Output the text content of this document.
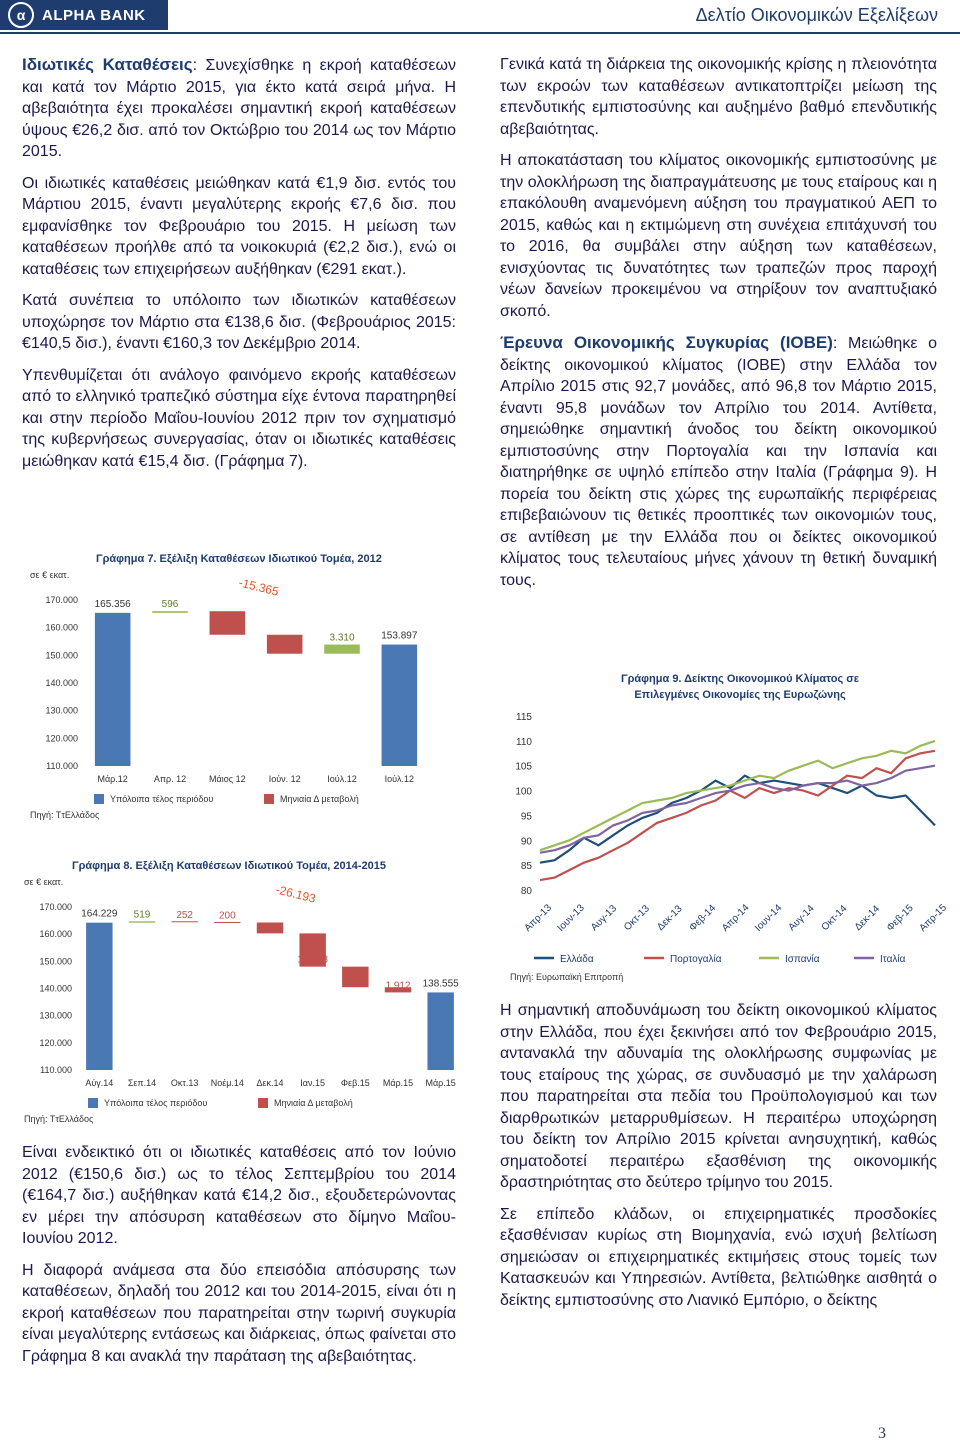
α	ALPHA BANK	Δελτίο Οικονομικών Εξελίξεων

Ιδιωτικές Καταθέσεις: Συνεχίσθηκε η εκροή καταθέσεων και κατά τον Μάρτιο 2015, για έκτο κατά σειρά μήνα. Η αβεβαιότητα έχει προκαλέσει σημαντική εκροή καταθέσεων ύψους €26,2 δισ. από τον Οκτώβριο του 2014 ως τον Μάρτιο 2015.

Οι ιδιωτικές καταθέσεις μειώθηκαν κατά €1,9 δισ. εντός του Μάρτιου 2015, έναντι μεγαλύτερης εκροής €7,6 δισ. που εμφανίσθηκε τον Φεβρουάριο του 2015. Η μείωση των καταθέσεων προήλθε από τα νοικοκυριά (€2,2 δισ.), ενώ οι καταθέσεις των επιχειρήσεων αυξήθηκαν (€291 εκατ.).

Κατά συνέπεια το υπόλοιπο των ιδιωτικών καταθέσεων υποχώρησε τον Μάρτιο στα €138,6 δισ. (Φεβρουάριος 2015: €140,5 δισ.), έναντι €160,3 τον Δεκέμβριο 2014.

Υπενθυμίζεται ότι ανάλογο φαινόμενο εκροής καταθέσεων από το ελληνικό τραπεζικό σύστημα είχε έντονα παρατηρηθεί και στην περίοδο Μαΐου-Ιουνίου 2012 πριν τον σχηματισμό της κυβερνήσεως συνεργασίας, όταν οι ιδιωτικές καταθέσεις μειώθηκαν κατά €15,4 δισ. (Γράφημα 7).

Γράφημα 7. Εξέλιξη Καταθέσεων Ιδιωτικού Τομέα, 2012
σε € εκατ.
170.000
160.000
150.000
140.000
130.000
120.000
110.000
165.356
Μάρ.12
596
Απρ. 12
8.514
Μάιος 12
6.851
Ιούν. 12
3.310
Ιούλ.12
153.897
Ιούλ.12
-15.365
Υπόλοιπα τέλος περιόδου	Μηνιαία Δ μεταβολή
Πηγή: ΤτΕλλάδος
Γράφημα 8. Εξέλιξη Καταθέσεων Ιδιωτικού Τομέα, 2014-2015
σε € εκατ.
170.000
160.000
150.000
140.000
130.000
120.000
110.000
164.229
Αύγ.14
519
Σεπ.14
252
Οκτ.13
200
Νοέμ.14
4.011
Δεκ.14
12.243
Ιαν.15
7.574
Φεβ.15
1.912
Μάρ.15
138.555
Μάρ.15
-26.193
Υπόλοιπα τέλος περιόδου	Μηνιαία Δ μεταβολή
Πηγή: ΤτΕλλάδος

Είναι ενδεικτικό ότι οι ιδιωτικές καταθέσεις από τον Ιούνιο 2012 (€150,6 δισ.) ως το τέλος Σεπτεμβρίου του 2014 (€164,7 δισ.) αυξήθηκαν κατά €14,2 δισ., εξουδετερώνοντας εν μέρει την απόσυρση καταθέσεων στο δίμηνο Μαΐου-Ιουνίου 2012.

Η διαφορά ανάμεσα στα δύο επεισόδια απόσυρσης των καταθέσεων, δηλαδή του 2012 και του 2014-2015, είναι ότι η εκροή καταθέσεων που παρατηρείται στην τωρινή συγκυρία είναι μεγαλύτερης εντάσεως και διάρκειας, όπως φαίνεται στο Γράφημα 8 και ανακλά την παράταση της αβεβαιότητας.

Γενικά κατά τη διάρκεια της οικονομικής κρίσης η πλειονότητα των εκροών των καταθέσεων αντικατοπτρίζει μείωση της επενδυτικής εμπιστοσύνης και αυξημένο βαθμό επενδυτικής αβεβαιότητας.

Η αποκατάσταση του κλίματος οικονομικής εμπιστοσύνης με την ολοκλήρωση της διαπραγμάτευσης με τους εταίρους και η επακόλουθη αναμενόμενη αύξηση του πραγματικού ΑΕΠ το 2015, καθώς και η εκτιμώμενη στη συνέχεια επιτάχυνσή του το 2016, θα συμβάλει στην αύξηση των καταθέσεων, ενισχύοντας τις δυνατότητες των τραπεζών προς παροχή νέων δανείων προκειμένου να στηρίξουν τον αναπτυξιακό σκοπό.

Έρευνα Οικονομικής Συγκυρίας (ΙΟΒΕ): Μειώθηκε ο δείκτης οικονομικού κλίματος (ΙΟΒΕ) στην Ελλάδα τον Απρίλιο 2015 στις 92,7 μονάδες, από 96,8 τον Μάρτιο 2015, έναντι 95,8 μονάδων τον Απρίλιο του 2014. Αντίθετα, σημειώθηκε σημαντική άνοδος του δείκτη οικονομικού εμπιστοσύνης στην Πορτογαλία και την Ισπανία και διατηρήθηκε σε υψηλό επίπεδο στην Ιταλία (Γράφημα 9). Η πορεία του δείκτη στις χώρες της ευρωπαϊκής περιφέρειας επιβεβαιώνουν τις θετικές προοπτικές των οικονομιών τους, σε αντίθεση με την Ελλάδα που οι δείκτες οικονομικού κλίματος τους τελευταίους μήνες χάνουν τη θετική δυναμική τους.

Γράφημα 9. Δείκτης Οικονομικού Κλίματος σε
Επιλεγμένες Οικονομίες της Ευρωζώνης
115
110
105
100
95
90
85
80
Απρ-13 Ιουν-13 Αυγ-13 Οκτ-13 Δεκ-13 Φεβ-14 Απρ-14 Ιουν-14 Αυγ-14 Οκτ-14 Δεκ-14 Φεβ-15 Απρ-15
Ελλάδα	Πορτογαλία	Ισπανία	Ιταλία
Πηγή: Ευρωπαϊκή Επιτροπή

Η σημαντική αποδυνάμωση του δείκτη οικονομικού κλίματος στην Ελλάδα, που έχει ξεκινήσει από τον Φεβρουάριο 2015, αντανακλά την αδυναμία της ολοκλήρωσης συμφωνίας με τους εταίρους της χώρας, σε συνδυασμό με την χαλάρωση που παρατηρείται στα πεδία του Προϋπολογισμού και των διαρθρωτικών μεταρρυθμίσεων. Η περαιτέρω υποχώρηση του δείκτη τον Απρίλιο 2015 κρίνεται ανησυχητική, καθώς σηματοδοτεί περαιτέρω εξασθένιση της οικονομικής δραστηριότητας στο δεύτερο τρίμηνο του 2015.

Σε επίπεδο κλάδων, οι επιχειρηματικές προσδοκίες εξασθένισαν κυρίως στη Βιομηχανία, ενώ ισχυή βελτίωση σημειώσαν οι επιχειρηματικές εκτιμήσεις στους τομείς των Κατασκευών και Υπηρεσιών. Αντίθετα, βελτιώθηκε αισθητά ο δείκτης εμπιστοσύνης στο Λιανικό Εμπόριο, ο δείκτης

3
